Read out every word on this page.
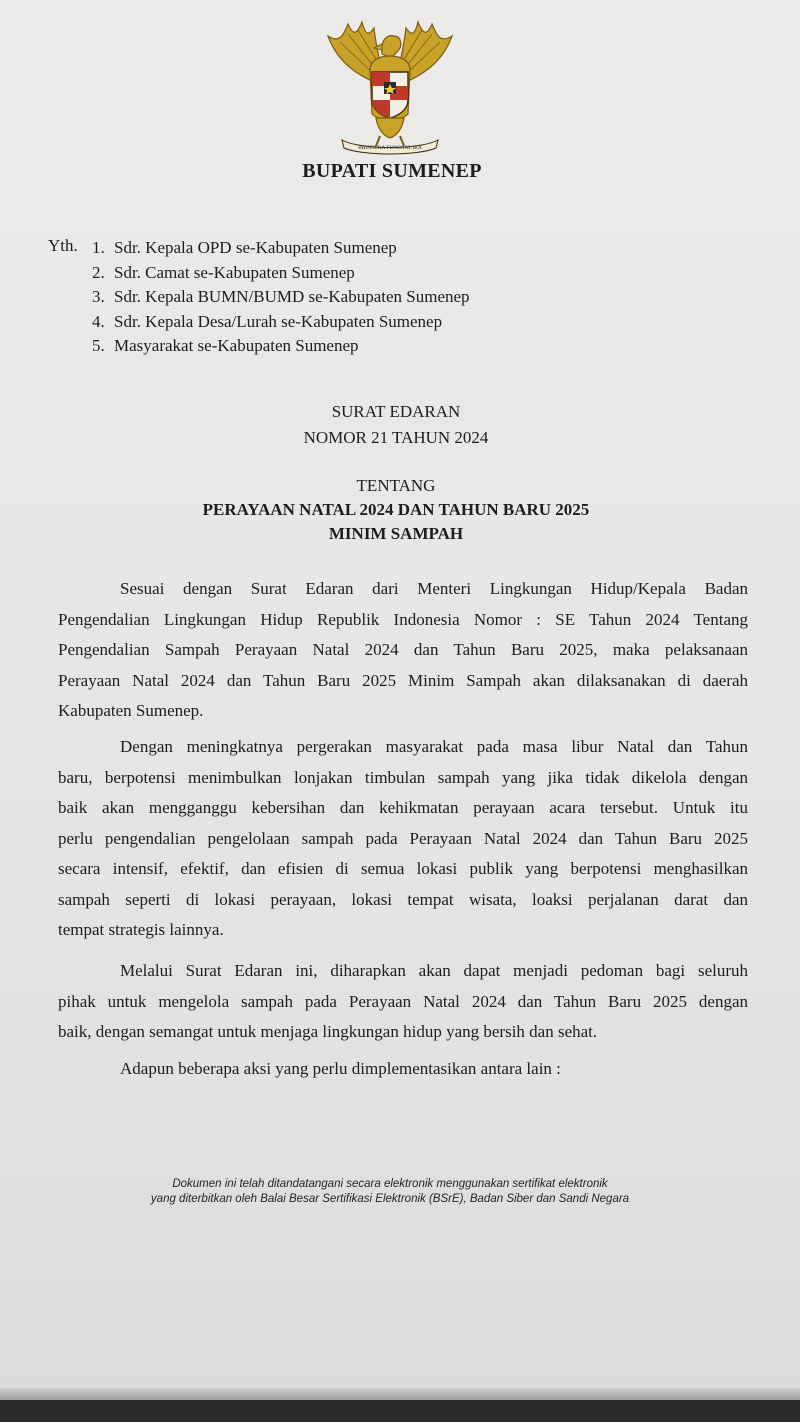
BHINNEKA TUNGGAL IKA
BUPATI SUMENEP
Yth. 1. Sdr. Kepala OPD se-Kabupaten Sumenep
2. Sdr. Camat se-Kabupaten Sumenep
3. Sdr. Kepala BUMN/BUMD se-Kabupaten Sumenep
4. Sdr. Kepala Desa/Lurah se-Kabupaten Sumenep
5. Masyarakat se-Kabupaten Sumenep
SURAT EDARAN
NOMOR 21 TAHUN 2024
TENTANG
PERAYAAN NATAL 2024 DAN TAHUN BARU 2025
MINIM SAMPAH
Sesuai dengan Surat Edaran dari Menteri Lingkungan Hidup/Kepala Badan
Pengendalian Lingkungan Hidup Republik Indonesia Nomor : SE Tahun 2024 Tentang
Pengendalian Sampah Perayaan Natal 2024 dan Tahun Baru 2025, maka pelaksanaan
Perayaan Natal 2024 dan Tahun Baru 2025 Minim Sampah akan dilaksanakan di daerah
Kabupaten Sumenep.
Dengan meningkatnya pergerakan masyarakat pada masa libur Natal dan Tahun
baru, berpotensi menimbulkan lonjakan timbulan sampah yang jika tidak dikelola dengan
baik akan mengganggu kebersihan dan kehikmatan perayaan acara tersebut. Untuk itu
perlu pengendalian pengelolaan sampah pada Perayaan Natal 2024 dan Tahun Baru 2025
secara intensif, efektif, dan efisien di semua lokasi publik yang berpotensi menghasilkan
sampah seperti di lokasi perayaan, lokasi tempat wisata, loaksi perjalanan darat dan
tempat strategis lainnya.
Melalui Surat Edaran ini, diharapkan akan dapat menjadi pedoman bagi seluruh
pihak untuk mengelola sampah pada Perayaan Natal 2024 dan Tahun Baru 2025 dengan
baik, dengan semangat untuk menjaga lingkungan hidup yang bersih dan sehat.
Adapun beberapa aksi yang perlu dimplementasikan antara lain :
Dokumen ini telah ditandatangani secara elektronik menggunakan sertifikat elektronik
yang diterbitkan oleh Balai Besar Sertifikasi Elektronik (BSrE), Badan Siber dan Sandi Negara
